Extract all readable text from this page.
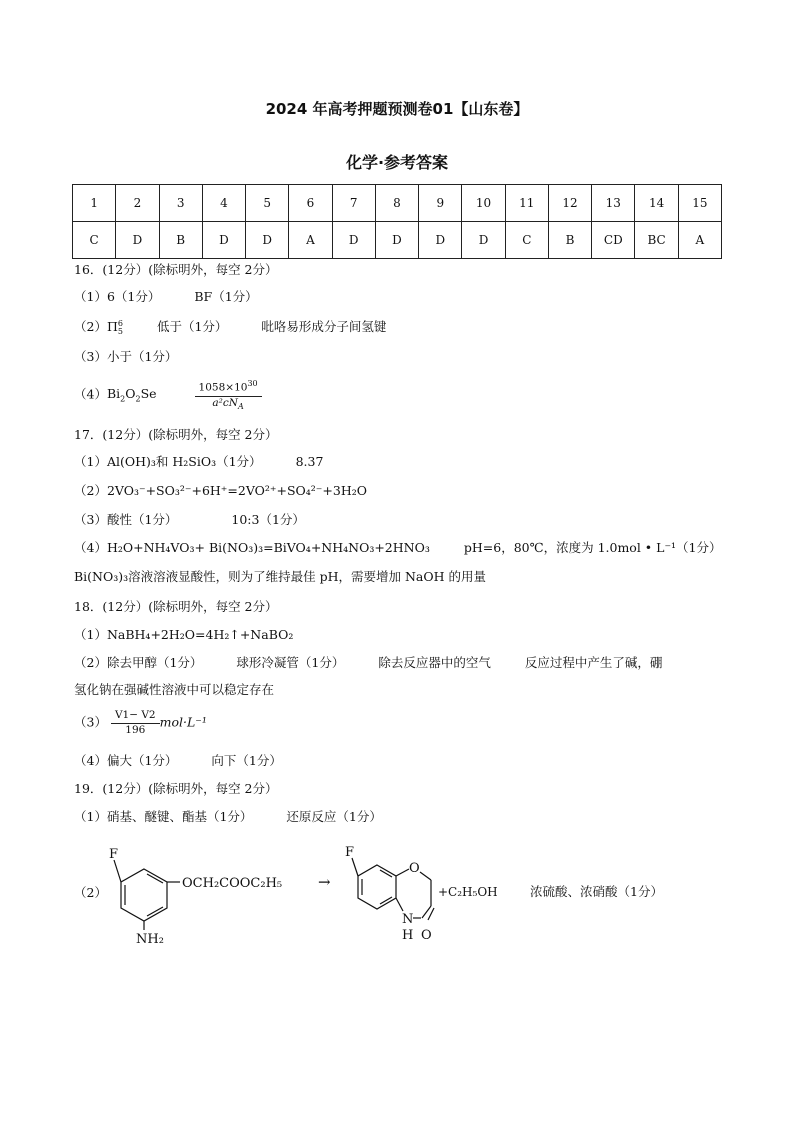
2024 年高考押题预测卷01【山东卷】
化学·参考答案
1	2	3	4	5	6	7	8	9	10	11	12	13	14	15
C	D	B	D	D	A	D	D	D	D	C	B	CD	BC	A
16．(12分）(除标明外，每空 2分）
（1）6（1分）	BF（1分）
（2）Π 6
5	低于（1分）	吡咯易形成分子间氢键
（3）小于（1分）
$(4)Bi_2O_2Se$	$\frac{1058\times 10^{30}}{a^2cN_A}$
17．(12分）(除标明外，每空 2分）
（1）Al(OH)₃和 H₂SiO₃（1分）	8.37
（2）2VO₃⁻+SO₃²⁻+6H⁺=2VO²⁺+SO₄²⁻+3H₂O
（3）酸性（1分）	10:3（1分）
（4）H₂O+NH₄VO₃+ Bi(NO₃)₃=BiVO₄+NH₄NO₃+2HNO₃	pH=6，80℃，浓度为 1.0mol • L⁻¹（1分）
Bi(NO₃)₃溶液溶液显酸性，则为了维持最佳 pH，需要增加 NaOH 的用量
18．(12分）(除标明外，每空 2分）
（1）NaBH₄+2H₂O=4H₂↑+NaBO₂
（2）除去甲醇（1分）	球形冷凝管（1分）	除去反应器中的空气	反应过程中产生了碱，硼
氢化钠在强碱性溶液中可以稳定存在
$(3) \frac{V1- V2}{196} mol\cdot L^{-1}$
（4）偏大（1分）	向下（1分）
19．(12分）(除标明外，每空 2分）
（1）硝基、醚键、酯基（1分）	还原反应（1分）
（2）
F
OCH₂COOC₂H₅
NH₂
→
F
O
N
H O
+C₂H₅OH	浓硫酸、浓硝酸（1分）
